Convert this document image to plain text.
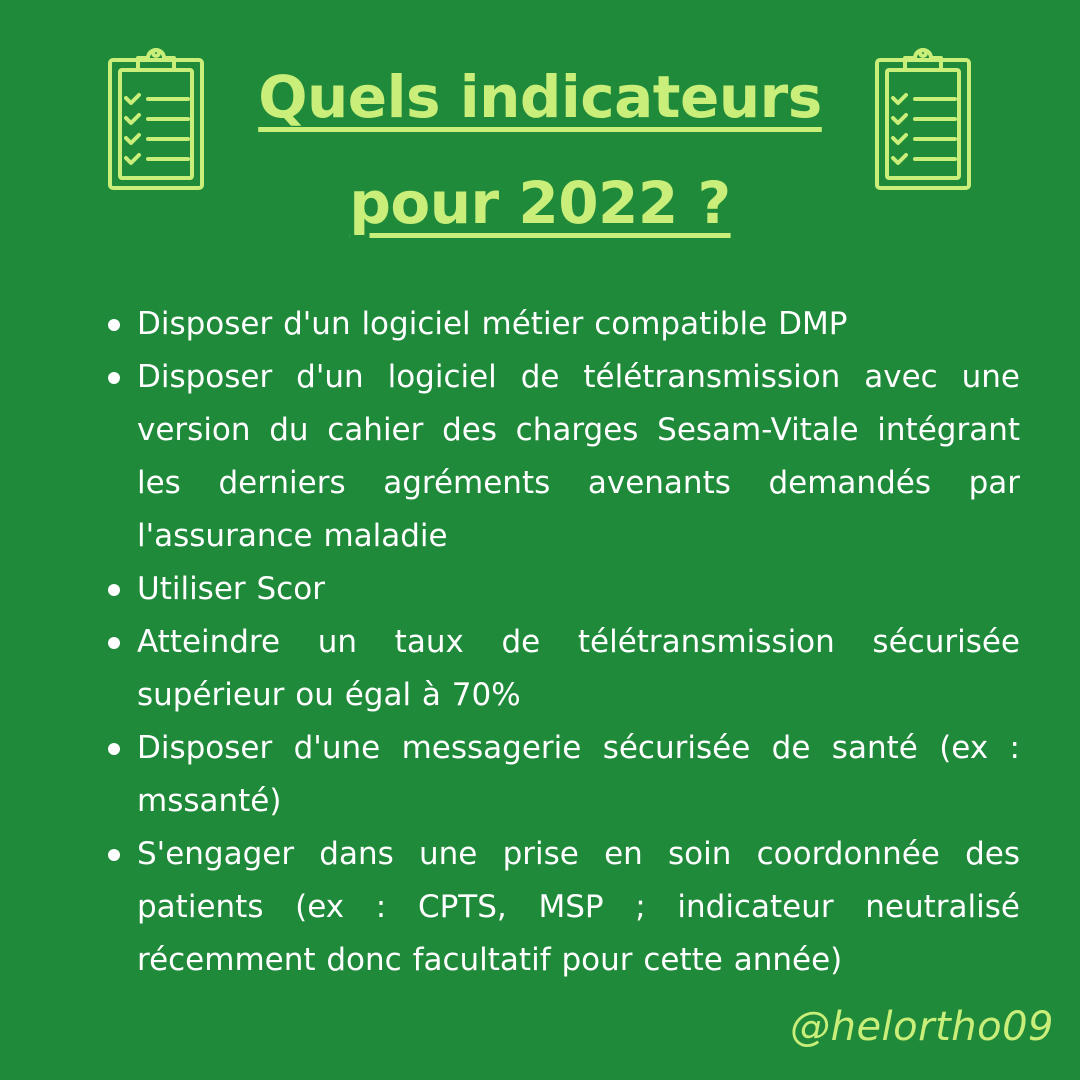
Quels indicateurs
pour 2022 ?
Disposer d'un logiciel métier compatible DMP
Disposer d'un logiciel de télétransmission avec une version du cahier des charges Sesam-Vitale intégrant les derniers agréments avenants demandés par l'assurance maladie
Utiliser Scor
Atteindre un taux de télétransmission sécurisée supérieur ou égal à 70%
Disposer d'une messagerie sécurisée de santé (ex : mssanté)
S'engager dans une prise en soin coordonnée des patients (ex : CPTS, MSP ; indicateur neutralisé récemment donc facultatif pour cette année)
@helortho09
